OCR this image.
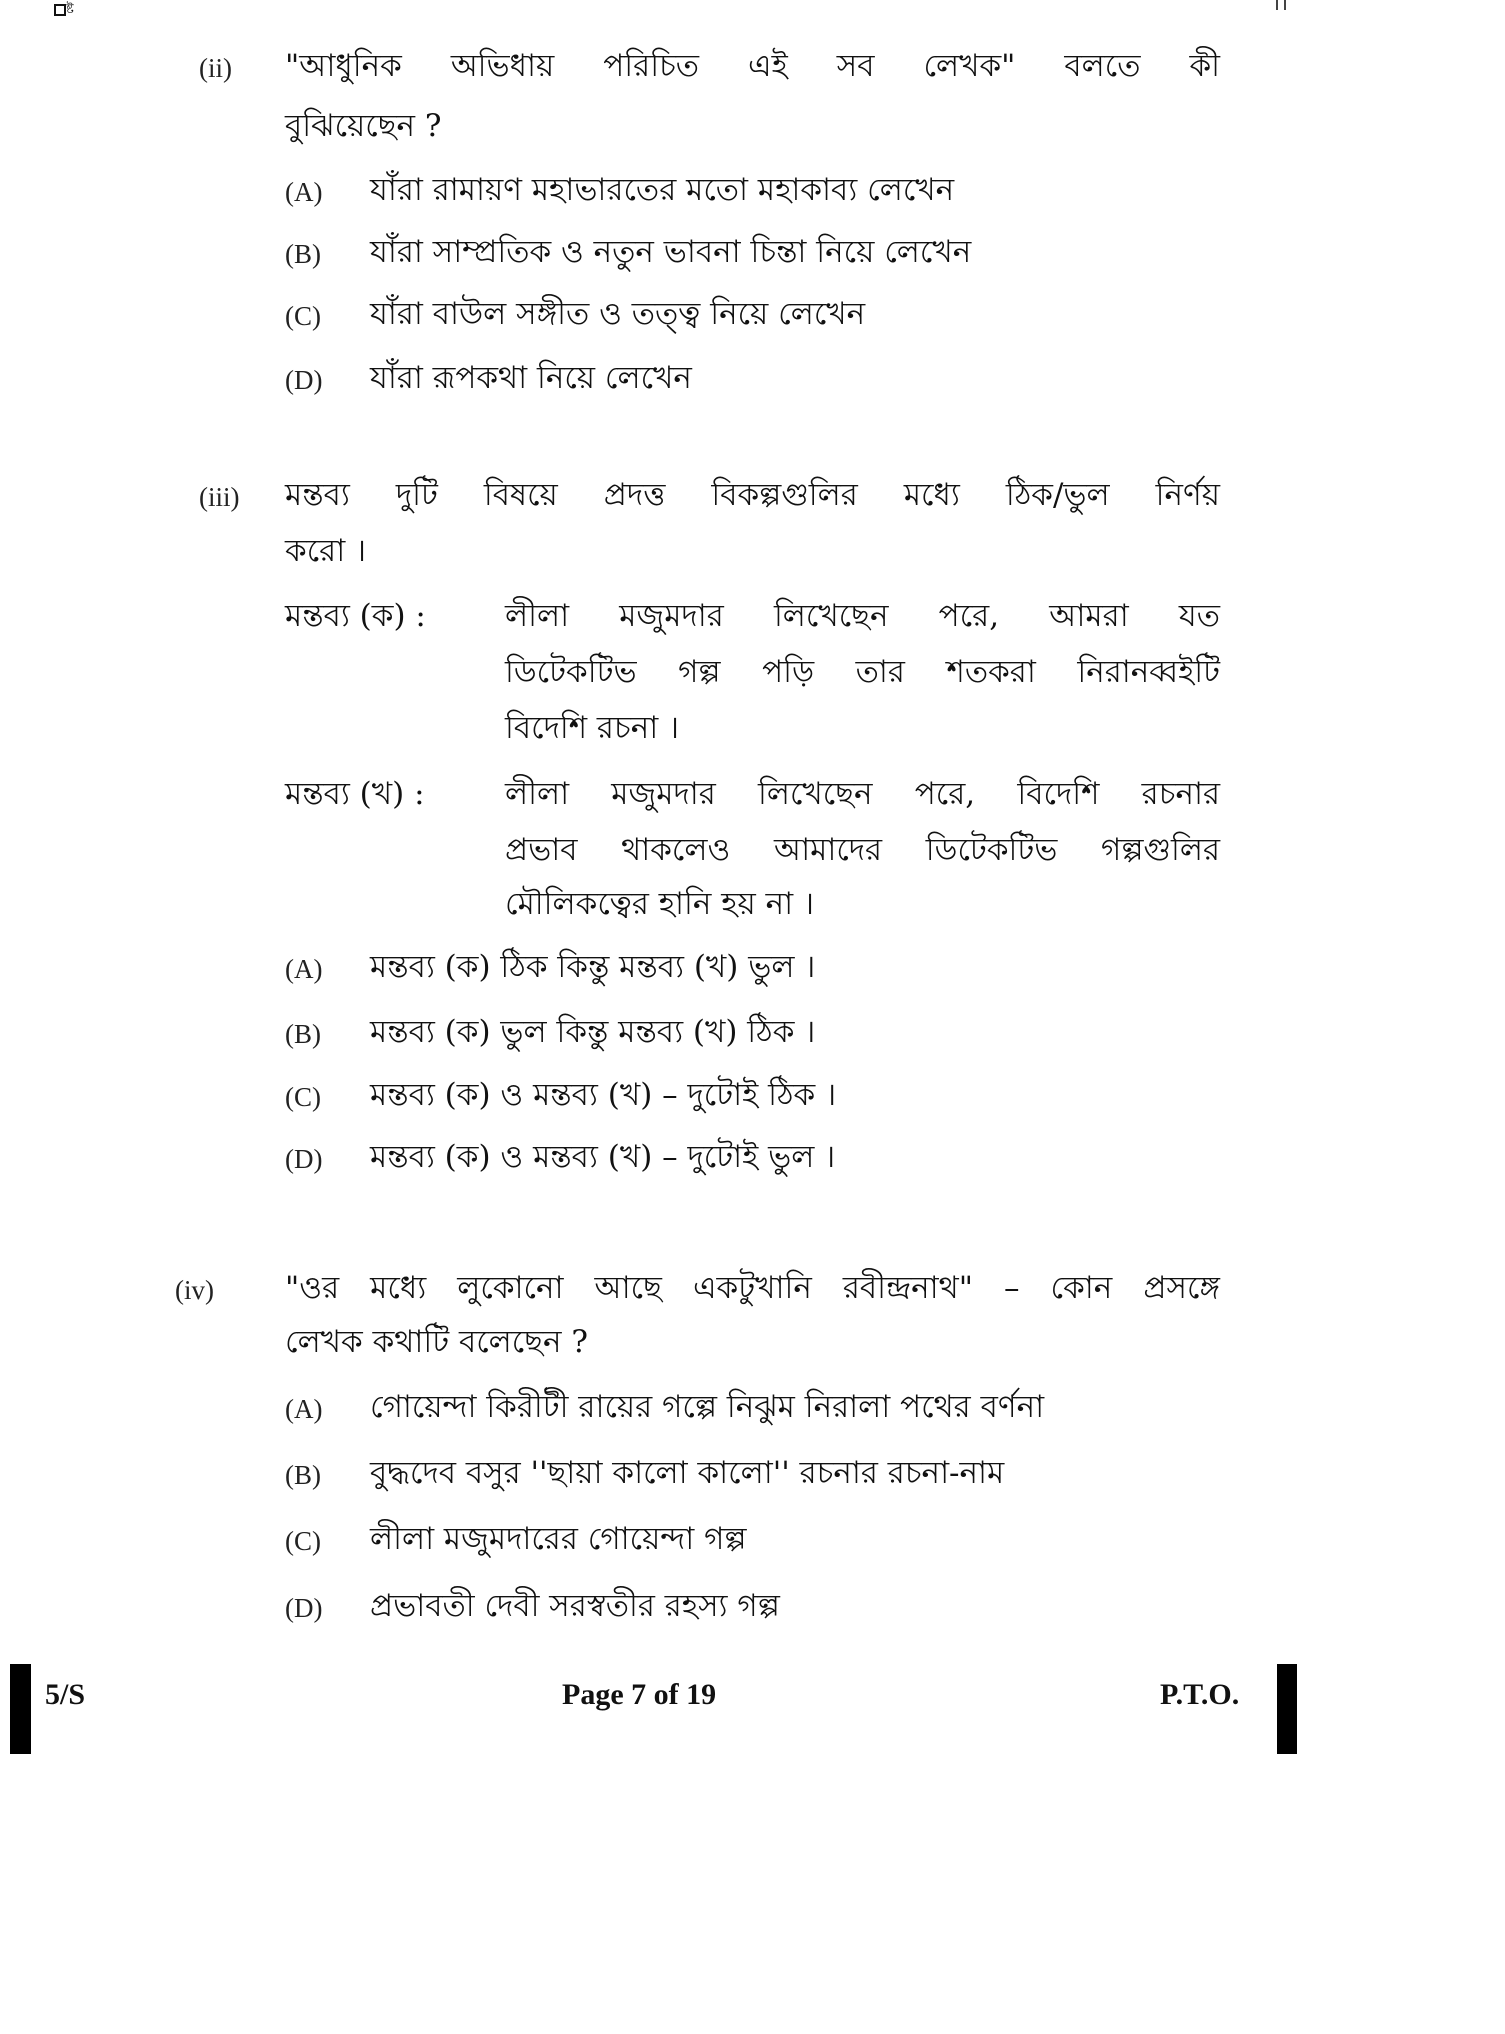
ষ্ট
(ii) "আধুনিক অভিধায় পরিচিত এই সব লেখক" বলতে কী
বুঝিয়েছেন ?
(A) যাঁরা রামায়ণ মহাভারতের মতো মহাকাব্য লেখেন
(B) যাঁরা সাম্প্রতিক ও নতুন ভাবনা চিন্তা নিয়ে লেখেন
(C) যাঁরা বাউল সঙ্গীত ও তত্ত্ব নিয়ে লেখেন
(D) যাঁরা রূপকথা নিয়ে লেখেন
(iii) মন্তব্য দুটি বিষয়ে প্রদত্ত বিকল্পগুলির মধ্যে ঠিক/ভুল নির্ণয়
করো ।
মন্তব্য (ক) :	লীলা মজুমদার লিখেছেন পরে, আমরা যত
ডিটেকটিভ গল্প পড়ি তার শতকরা নিরানব্বইটি
বিদেশি রচনা ।
মন্তব্য (খ) :	লীলা মজুমদার লিখেছেন পরে, বিদেশি রচনার
প্রভাব থাকলেও আমাদের ডিটেকটিভ গল্পগুলির
মৌলিকত্বের হানি হয় না ।
(A) মন্তব্য (ক) ঠিক কিন্তু মন্তব্য (খ) ভুল ।
(B) মন্তব্য (ক) ভুল কিন্তু মন্তব্য (খ) ঠিক ।
(C) মন্তব্য (ক) ও মন্তব্য (খ) – দুটোই ঠিক ।
(D) মন্তব্য (ক) ও মন্তব্য (খ) – দুটোই ভুল ।
(iv) "ওর মধ্যে লুকোনো আছে একটুখানি রবীন্দ্রনাথ" – কোন প্রসঙ্গে
লেখক কথাটি বলেছেন ?
(A) গোয়েন্দা কিরীটী রায়ের গল্পে নিঝুম নিরালা পথের বর্ণনা
(B) বুদ্ধদেব বসুর ''ছায়া কালো কালো'' রচনার রচনা-নাম
(C) লীলা মজুমদারের গোয়েন্দা গল্প
(D) প্রভাবতী দেবী সরস্বতীর রহস্য গল্প
5/S	Page 7 of 19	P.T.O.
